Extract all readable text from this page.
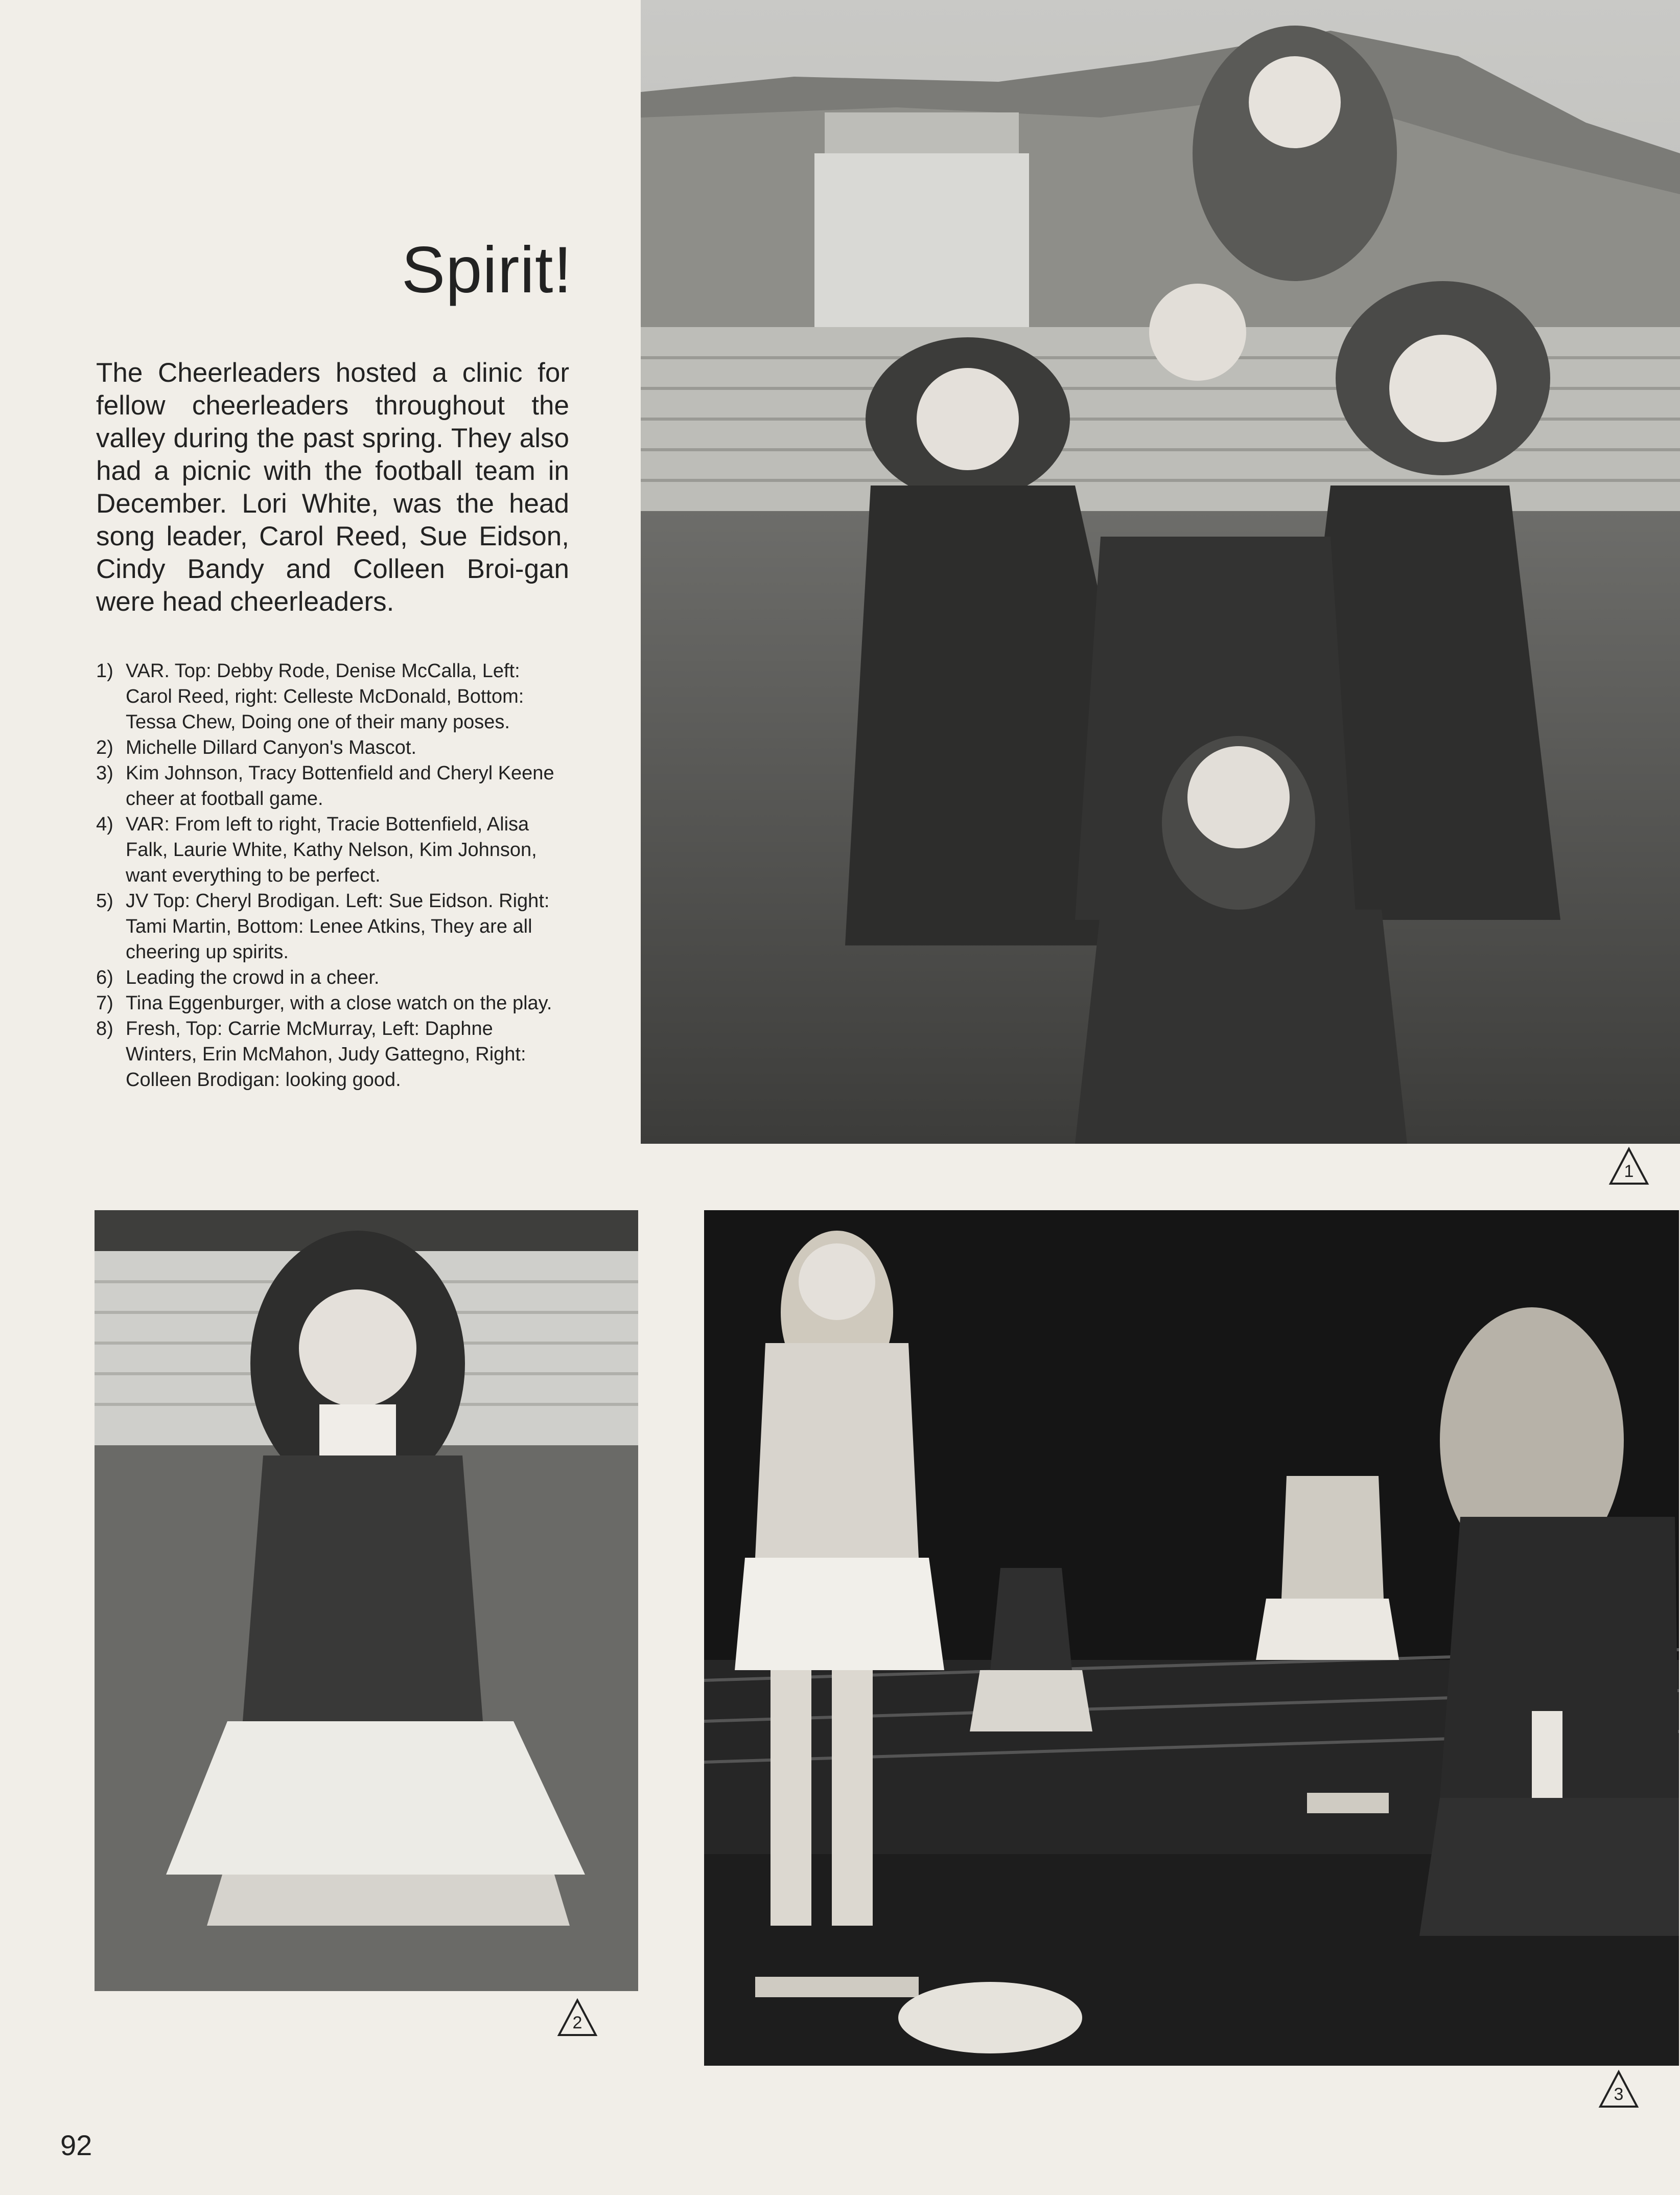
Spirit!
The Cheerleaders hosted a clinic for fellow cheerleaders throughout the valley during the past spring. They also had a picnic with the football team in December. Lori White, was the head song leader, Carol Reed, Sue Eidson, Cindy Bandy and Colleen Broi-gan were head cheerleaders.
1) VAR. Top: Debby Rode, Denise McCalla, Left: Carol Reed, right: Celleste McDonald, Bottom: Tessa Chew, Doing one of their many poses.
2) Michelle Dillard Canyon's Mascot.
3) Kim Johnson, Tracy Bottenfield and Cheryl Keene cheer at football game.
4) VAR: From left to right, Tracie Bottenfield, Alisa Falk, Laurie White, Kathy Nelson, Kim Johnson, want everything to be perfect.
5) JV Top: Cheryl Brodigan. Left: Sue Eidson. Right: Tami Martin, Bottom: Lenee Atkins, They are all cheering up spirits.
6) Leading the crowd in a cheer.
7) Tina Eggenburger, with a close watch on the play.
8) Fresh, Top: Carrie McMurray, Left: Daphne Winters, Erin McMahon, Judy Gattegno, Right: Colleen Brodigan: looking good.
1
2
3
92
